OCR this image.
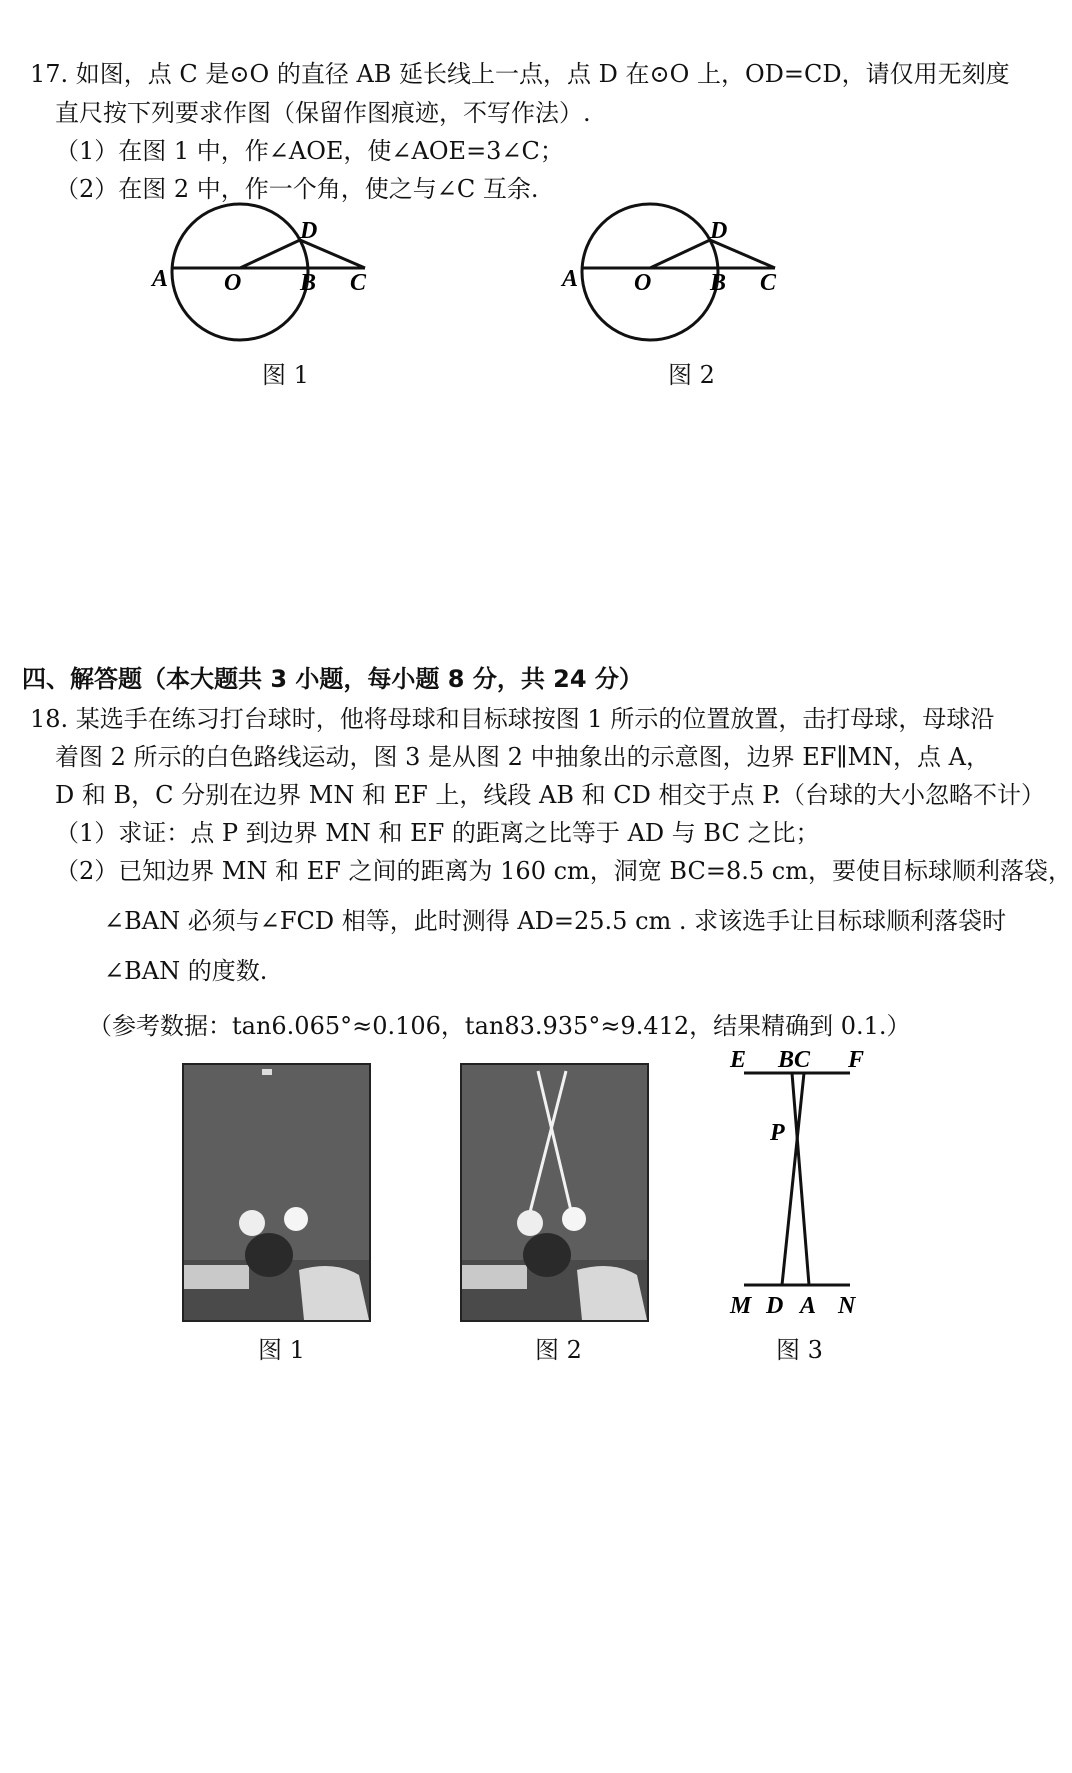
17. 如图，点 C 是⊙O 的直径 AB 延长线上一点，点 D 在⊙O 上，OD=CD，请仅用无刻度
直尺按下列要求作图（保留作图痕迹，不写作法）.
（1）在图 1 中，作∠AOE，使∠AOE=3∠C；
（2）在图 2 中，作一个角，使之与∠C 互余.
A O B C
D
图 1
A O B C
D
图 2
四、解答题（本大题共 3 小题，每小题 8 分，共 24 分）
18. 某选手在练习打台球时，他将母球和目标球按图 1 所示的位置放置，击打母球，母球沿
着图 2 所示的白色路线运动，图 3 是从图 2 中抽象出的示意图，边界 EF∥MN，点 A，
D 和 B，C 分别在边界 MN 和 EF 上，线段 AB 和 CD 相交于点 P.（台球的大小忽略不计）
（1）求证：点 P 到边界 MN 和 EF 的距离之比等于 AD 与 BC 之比；
（2）已知边界 MN 和 EF 之间的距离为 160 cm，洞宽 BC=8.5 cm，要使目标球顺利落袋，
∠BAN 必须与∠FCD 相等，此时测得 AD=25.5 cm . 求该选手让目标球顺利落袋时
∠BAN 的度数.
（参考数据：tan6.065°≈0.106，tan83.935°≈9.412，结果精确到 0.1.）
图 1	图 2
E BC F
P
M D A N
图 3
